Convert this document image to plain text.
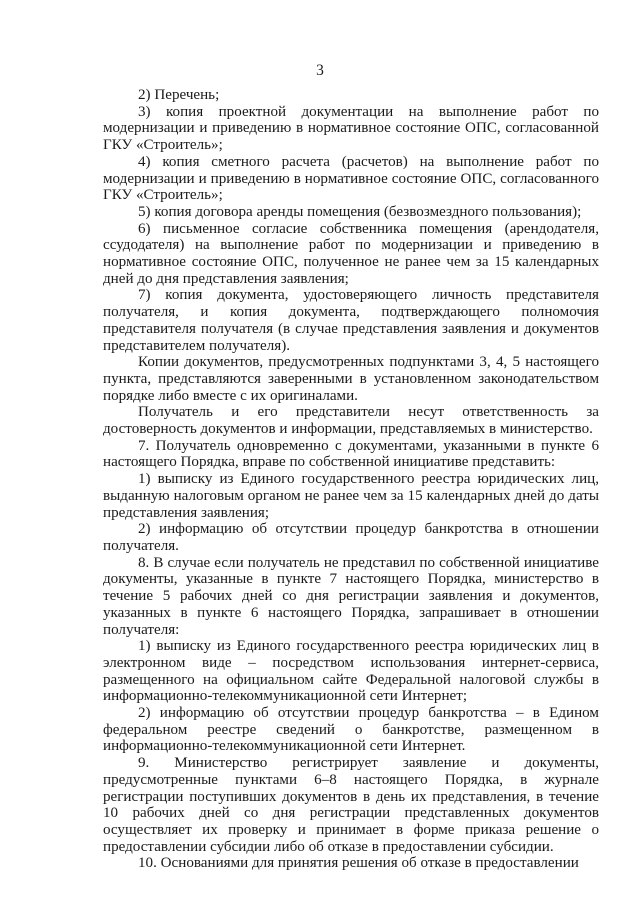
3

2) Перечень;

3) копия проектной документации на выполнение работ по модернизации и приведению в нормативное состояние ОПС, согласованной ГКУ «Строитель»;

4) копия сметного расчета (расчетов) на выполнение работ по модернизации и приведению в нормативное состояние ОПС, согласованного ГКУ «Строитель»;

5) копия договора аренды помещения (безвозмездного пользования);

6) письменное согласие собственника помещения (арендодателя, ссудодателя) на выполнение работ по модернизации и приведению в нормативное состояние ОПС, полученное не ранее чем за 15 календарных дней до дня представления заявления;

7) копия документа, удостоверяющего личность представителя получателя, и копия документа, подтверждающего полномочия представителя получателя (в случае представления заявления и документов представителем получателя).

Копии документов, предусмотренных подпунктами 3, 4, 5 настоящего пункта, представляются заверенными в установленном законодательством порядке либо вместе с их оригиналами.

Получатель и его представители несут ответственность за достоверность документов и информации, представляемых в министерство.

7. Получатель одновременно с документами, указанными в пункте 6 настоящего Порядка, вправе по собственной инициативе представить:

1) выписку из Единого государственного реестра юридических лиц, выданную налоговым органом не ранее чем за 15 календарных дней до даты представления заявления;

2) информацию об отсутствии процедур банкротства в отношении получателя.

8. В случае если получатель не представил по собственной инициативе документы, указанные в пункте 7 настоящего Порядка, министерство в течение 5 рабочих дней со дня регистрации заявления и документов, указанных в пункте 6 настоящего Порядка, запрашивает в отношении получателя:

1) выписку из Единого государственного реестра юридических лиц в электронном виде – посредством использования интернет-сервиса, размещенного на официальном сайте Федеральной налоговой службы в информационно-телекоммуникационной сети Интернет;

2) информацию об отсутствии процедур банкротства – в Едином федеральном реестре сведений о банкротстве, размещенном в информационно-телекоммуникационной сети Интернет.

9. Министерство регистрирует заявление и документы, предусмотренные пунктами 6–8 настоящего Порядка, в журнале регистрации поступивших документов в день их представления, в течение 10 рабочих дней со дня регистрации представленных документов осуществляет их проверку и принимает в форме приказа решение о предоставлении субсидии либо об отказе в предоставлении субсидии.

10. Основаниями для принятия решения об отказе в предоставлении
